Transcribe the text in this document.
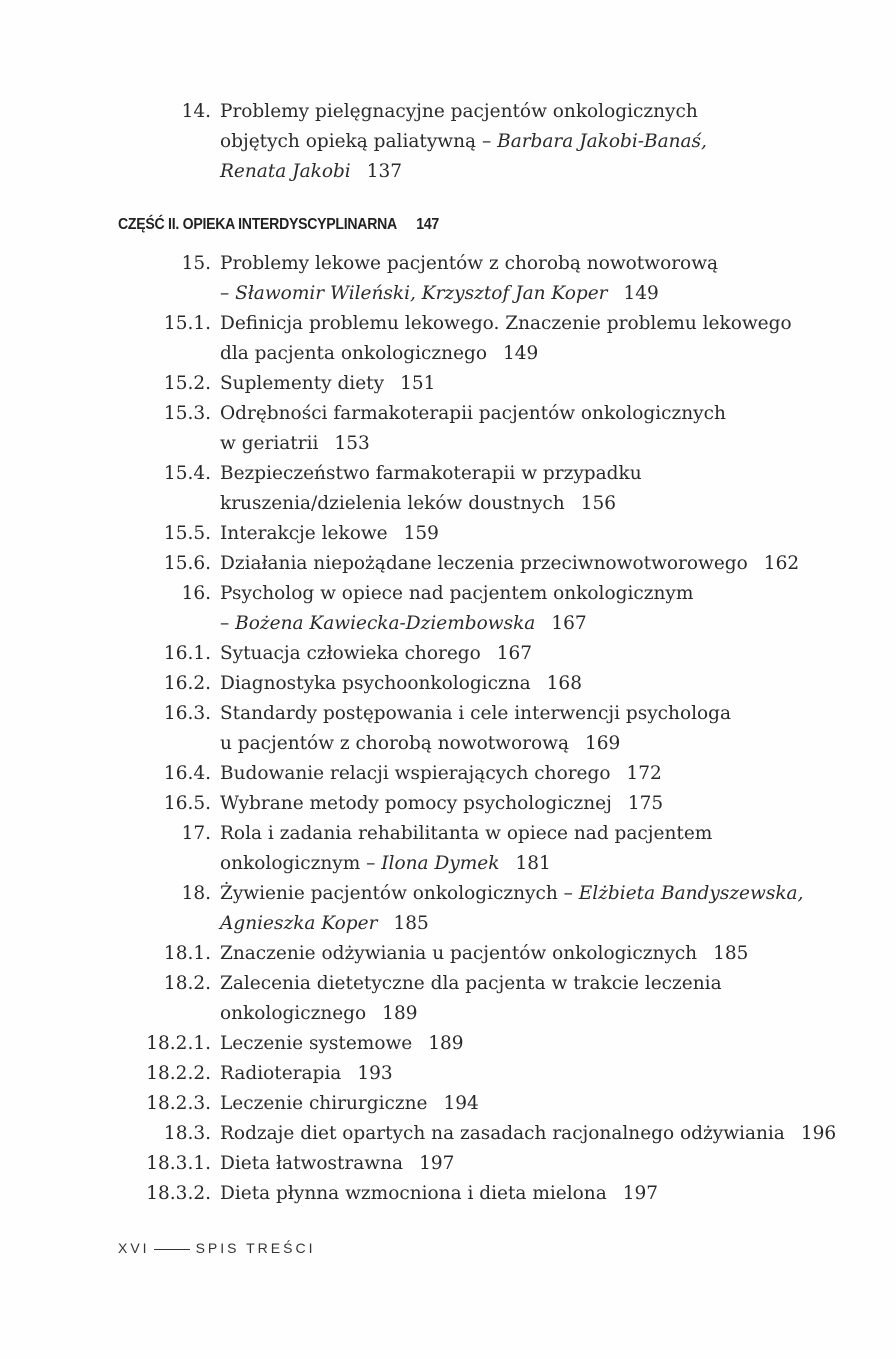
14. Problemy pielęgnacyjne pacjentów onkologicznych
objętych opieką paliatywną – Barbara Jakobi-Banaś,
Renata Jakobi 137
15. Problemy lekowe pacjentów z chorobą nowotworową
– Sławomir Wileński, Krzysztof Jan Koper 149
15.1. Definicja problemu lekowego. Znaczenie problemu lekowego
dla pacjenta onkologicznego 149
15.2. Suplementy diety 151
15.3. Odrębności farmakoterapii pacjentów onkologicznych
w geriatrii 153
15.4. Bezpieczeństwo farmakoterapii w przypadku
kruszenia/dzielenia leków doustnych 156
15.5. Interakcje lekowe 159
15.6. Działania niepożądane leczenia przeciwnowotworowego 162
16. Psycholog w opiece nad pacjentem onkologicznym
– Bożena Kawiecka-Dziembowska 167
16.1. Sytuacja człowieka chorego 167
16.2. Diagnostyka psychoonkologiczna 168
16.3. Standardy postępowania i cele interwencji psychologa
u pacjentów z chorobą nowotworową 169
16.4. Budowanie relacji wspierających chorego 172
16.5. Wybrane metody pomocy psychologicznej 175
17. Rola i zadania rehabilitanta w opiece nad pacjentem
onkologicznym – Ilona Dymek 181
18. Żywienie pacjentów onkologicznych – Elżbieta Bandyszewska,
Agnieszka Koper 185
18.1. Znaczenie odżywiania u pacjentów onkologicznych 185
18.2. Zalecenia dietetyczne dla pacjenta w trakcie leczenia
onkologicznego 189
18.2.1. Leczenie systemowe 189
18.2.2. Radioterapia 193
18.2.3. Leczenie chirurgiczne 194
18.3. Rodzaje diet opartych na zasadach racjonalnego odżywiania 196
18.3.1. Dieta łatwostrawna 197
18.3.2. Dieta płynna wzmocniona i dieta mielona 197
CZĘŚĆ II. OPIEKA INTERDYSCYPLINARNA 147
XVI	SPIS TREŚCI
